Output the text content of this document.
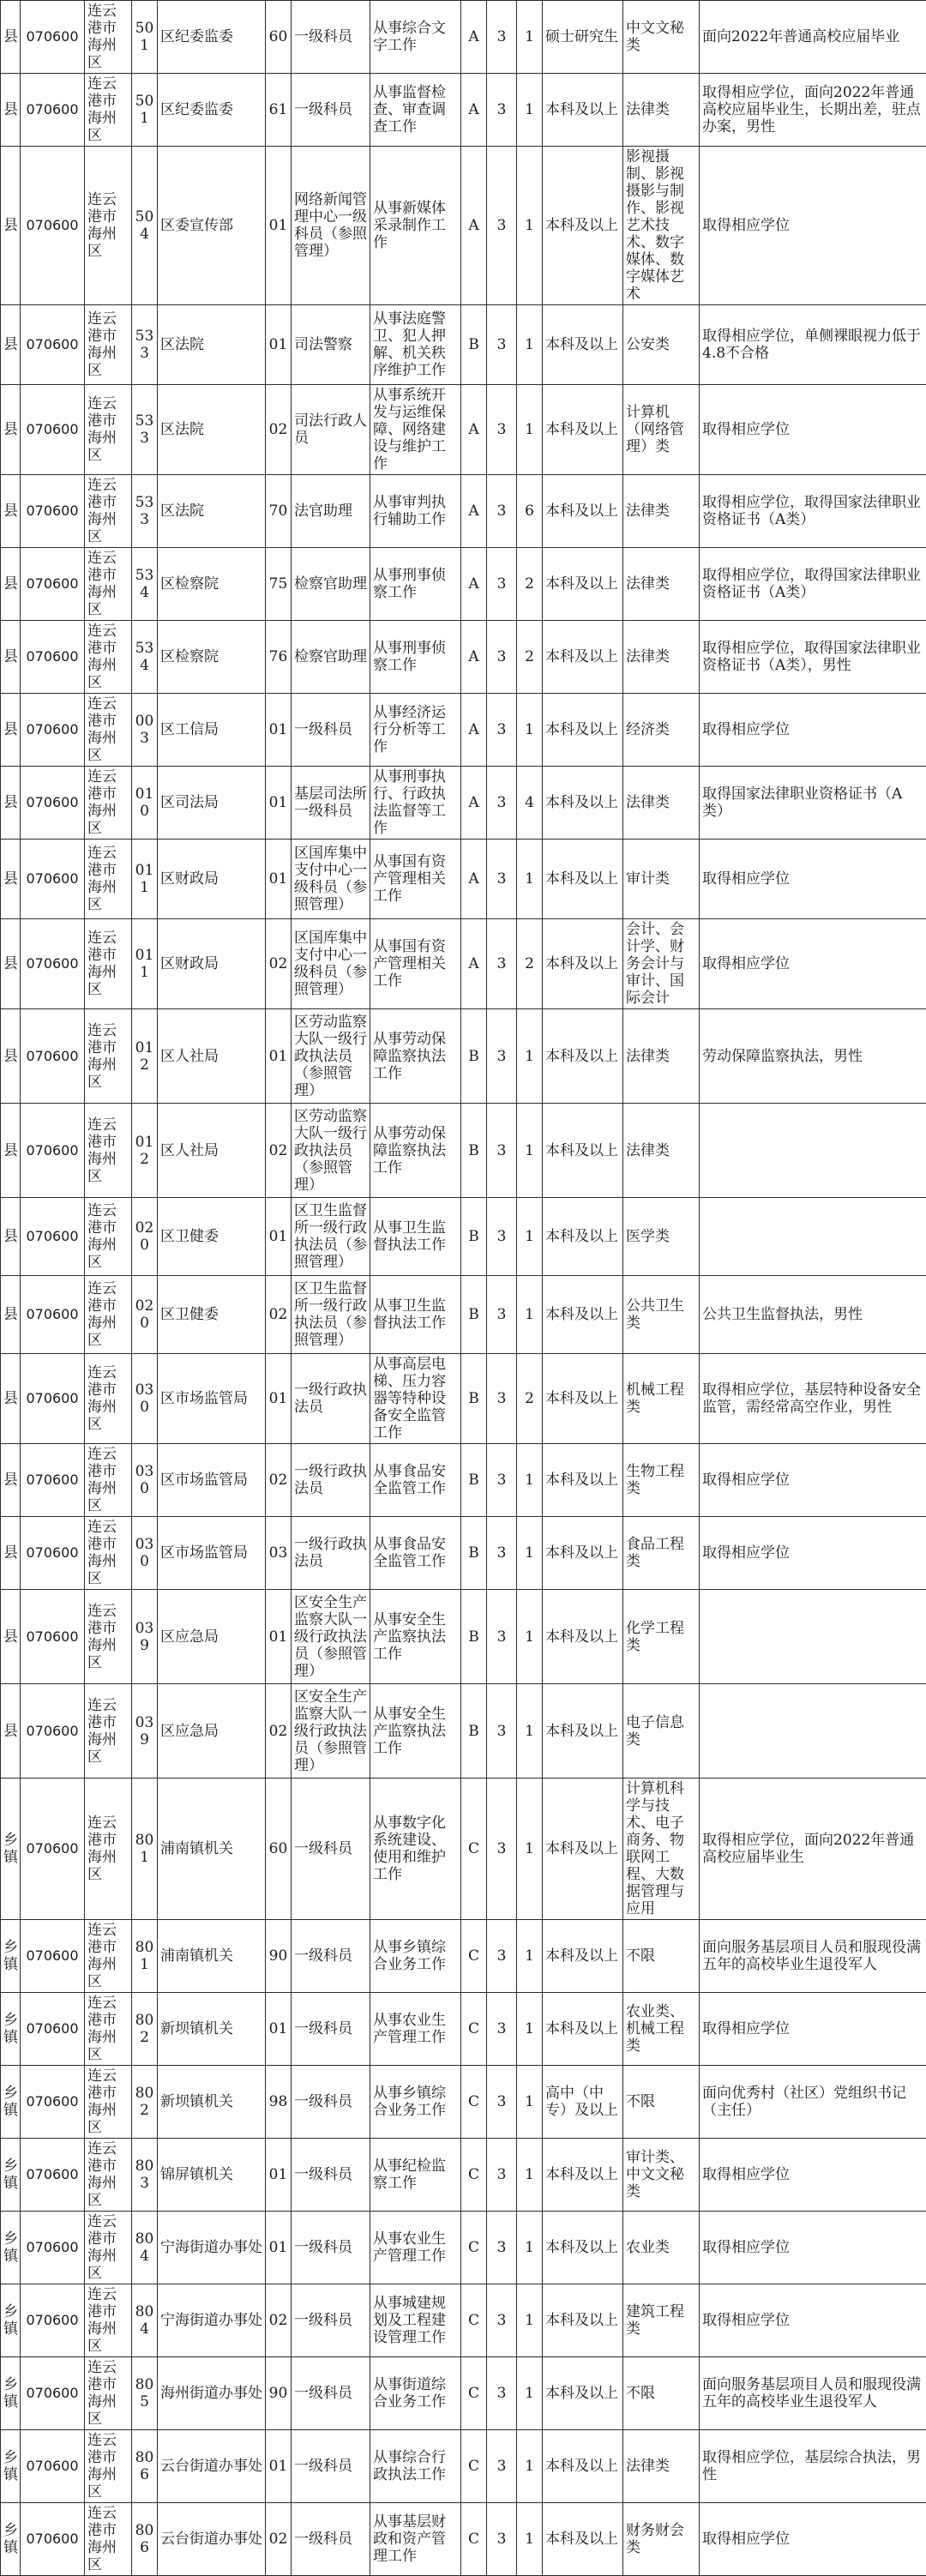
县	070600	连云港市海州区	501	区纪委监委	60	一级科员	从事综合文字工作	A	3	1	硕士研究生	中文文秘类	面向2022年普通高校应届毕业
县	070600	连云港市海州区	501	区纪委监委	61	一级科员	从事监督检查、审查调查工作	A	3	1	本科及以上	法律类	取得相应学位，面向2022年普通高校应届毕业生，长期出差，驻点办案，男性
县	070600	连云港市海州区	504	区委宣传部	01	网络新闻管理中心一级科员（参照管理）	从事新媒体采录制作工作	A	3	1	本科及以上	影视摄制、影视摄影与制作、影视艺术技术、数字媒体、数字媒体艺术	取得相应学位
县	070600	连云港市海州区	533	区法院	01	司法警察	从事法庭警卫、犯人押解、机关秩序维护工作	B	3	1	本科及以上	公安类	取得相应学位，单侧裸眼视力低于4.8不合格
县	070600	连云港市海州区	533	区法院	02	司法行政人员	从事系统开发与运维保障、网络建设与维护工作	A	3	1	本科及以上	计算机（网络管理）类	取得相应学位
县	070600	连云港市海州区	533	区法院	70	法官助理	从事审判执行辅助工作	A	3	6	本科及以上	法律类	取得相应学位，取得国家法律职业资格证书（A类）
县	070600	连云港市海州区	534	区检察院	75	检察官助理	从事刑事侦察工作	A	3	2	本科及以上	法律类	取得相应学位，取得国家法律职业资格证书（A类）
县	070600	连云港市海州区	534	区检察院	76	检察官助理	从事刑事侦察工作	A	3	2	本科及以上	法律类	取得相应学位，取得国家法律职业资格证书（A类），男性
县	070600	连云港市海州区	003	区工信局	01	一级科员	从事经济运行分析等工作	A	3	1	本科及以上	经济类	取得相应学位
县	070600	连云港市海州区	010	区司法局	01	基层司法所一级科员	从事刑事执行、行政执法监督等工作	A	3	4	本科及以上	法律类	取得国家法律职业资格证书（A类）
县	070600	连云港市海州区	011	区财政局	01	区国库集中支付中心一级科员（参照管理）	从事国有资产管理相关工作	A	3	1	本科及以上	审计类	取得相应学位
县	070600	连云港市海州区	011	区财政局	02	区国库集中支付中心一级科员（参照管理）	从事国有资产管理相关工作	A	3	2	本科及以上	会计、会计学、财务会计与审计、国际会计	取得相应学位
县	070600	连云港市海州区	012	区人社局	01	区劳动监察大队一级行政执法员（参照管理）	从事劳动保障监察执法工作	B	3	1	本科及以上	法律类	劳动保障监察执法，男性
县	070600	连云港市海州区	012	区人社局	02	区劳动监察大队一级行政执法员（参照管理）	从事劳动保障监察执法工作	B	3	1	本科及以上	法律类	
县	070600	连云港市海州区	020	区卫健委	01	区卫生监督所一级行政执法员（参照管理）	从事卫生监督执法工作	B	3	1	本科及以上	医学类	
县	070600	连云港市海州区	020	区卫健委	02	区卫生监督所一级行政执法员（参照管理）	从事卫生监督执法工作	B	3	1	本科及以上	公共卫生类	公共卫生监督执法，男性
县	070600	连云港市海州区	030	区市场监管局	01	一级行政执法员	从事高层电梯、压力容器等特种设备安全监管工作	B	3	2	本科及以上	机械工程类	取得相应学位，基层特种设备安全监管，需经常高空作业，男性
县	070600	连云港市海州区	030	区市场监管局	02	一级行政执法员	从事食品安全监管工作	B	3	1	本科及以上	生物工程类	取得相应学位
县	070600	连云港市海州区	030	区市场监管局	03	一级行政执法员	从事食品安全监管工作	B	3	1	本科及以上	食品工程类	取得相应学位
县	070600	连云港市海州区	039	区应急局	01	区安全生产监察大队一级行政执法员（参照管理）	从事安全生产监察执法工作	B	3	1	本科及以上	化学工程类	
县	070600	连云港市海州区	039	区应急局	02	区安全生产监察大队一级行政执法员（参照管理）	从事安全生产监察执法工作	B	3	1	本科及以上	电子信息类	
乡镇	070600	连云港市海州区	801	浦南镇机关	60	一级科员	从事数字化系统建设、使用和维护工作	C	3	1	本科及以上	计算机科学与技术、电子商务、物联网工程、大数据管理与应用	取得相应学位，面向2022年普通高校应届毕业生
乡镇	070600	连云港市海州区	801	浦南镇机关	90	一级科员	从事乡镇综合业务工作	C	3	1	本科及以上	不限	面向服务基层项目人员和服现役满五年的高校毕业生退役军人
乡镇	070600	连云港市海州区	802	新坝镇机关	01	一级科员	从事农业生产管理工作	C	3	1	本科及以上	农业类、机械工程类	取得相应学位
乡镇	070600	连云港市海州区	802	新坝镇机关	98	一级科员	从事乡镇综合业务工作	C	3	1	高中（中专）及以上	不限	面向优秀村（社区）党组织书记（主任）
乡镇	070600	连云港市海州区	803	锦屏镇机关	01	一级科员	从事纪检监察工作	C	3	1	本科及以上	审计类、中文文秘类	取得相应学位
乡镇	070600	连云港市海州区	804	宁海街道办事处	01	一级科员	从事农业生产管理工作	C	3	1	本科及以上	农业类	取得相应学位
乡镇	070600	连云港市海州区	804	宁海街道办事处	02	一级科员	从事城建规划及工程建设管理工作	C	3	1	本科及以上	建筑工程类	取得相应学位
乡镇	070600	连云港市海州区	805	海州街道办事处	90	一级科员	从事街道综合业务工作	C	3	1	本科及以上	不限	面向服务基层项目人员和服现役满五年的高校毕业生退役军人
乡镇	070600	连云港市海州区	806	云台街道办事处	01	一级科员	从事综合行政执法工作	C	3	1	本科及以上	法律类	取得相应学位，基层综合执法，男性
乡镇	070600	连云港市海州区	806	云台街道办事处	02	一级科员	从事基层财政和资产管理工作	C	3	1	本科及以上	财务财会类	取得相应学位
